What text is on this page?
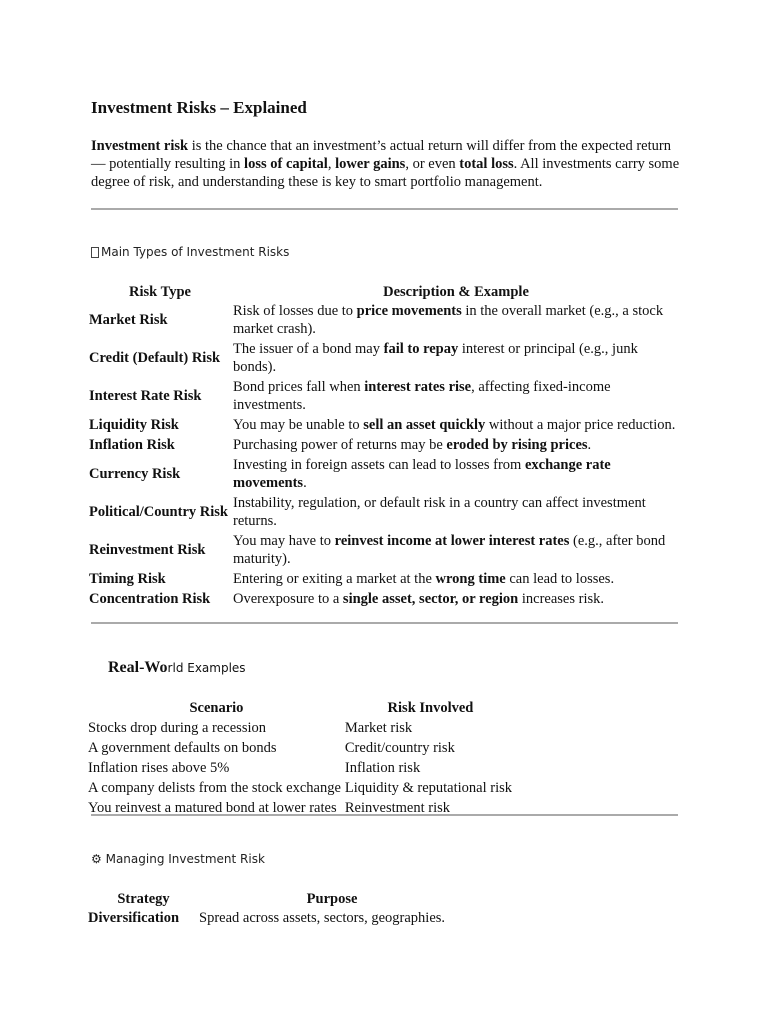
Investment Risks – Explained

Investment risk is the chance that an investment’s actual return will differ from the expected return — potentially resulting in loss of capital, lower gains, or even total loss. All investments carry some degree of risk, and understanding these is key to smart portfolio management.

Main Types of Investment Risks
Risk Type	Description & Example
Market Risk	Risk of losses due to price movements in the overall market (e.g., a stock market crash).
Credit (Default) Risk	The issuer of a bond may fail to repay interest or principal (e.g., junk bonds).
Interest Rate Risk	Bond prices fall when interest rates rise, affecting fixed-income investments.
Liquidity Risk	You may be unable to sell an asset quickly without a major price reduction.
Inflation Risk	Purchasing power of returns may be eroded by rising prices.
Currency Risk	Investing in foreign assets can lead to losses from exchange rate movements.
Political/Country Risk	Instability, regulation, or default risk in a country can affect investment returns.
Reinvestment Risk	You may have to reinvest income at lower interest rates (e.g., after bond maturity).
Timing Risk	Entering or exiting a market at the wrong time can lead to losses.
Concentration Risk	Overexposure to a single asset, sector, or region increases risk.
Real-World Examples
Scenario	Risk Involved
Stocks drop during a recession	Market risk
A government defaults on bonds	Credit/country risk
Inflation rises above 5%	Inflation risk
A company delists from the stock exchange	Liquidity & reputational risk
You reinvest a matured bond at lower rates	Reinvestment risk
⚙ Managing Investment Risk
Strategy	Purpose
Diversification	Spread across assets, sectors, geographies.
